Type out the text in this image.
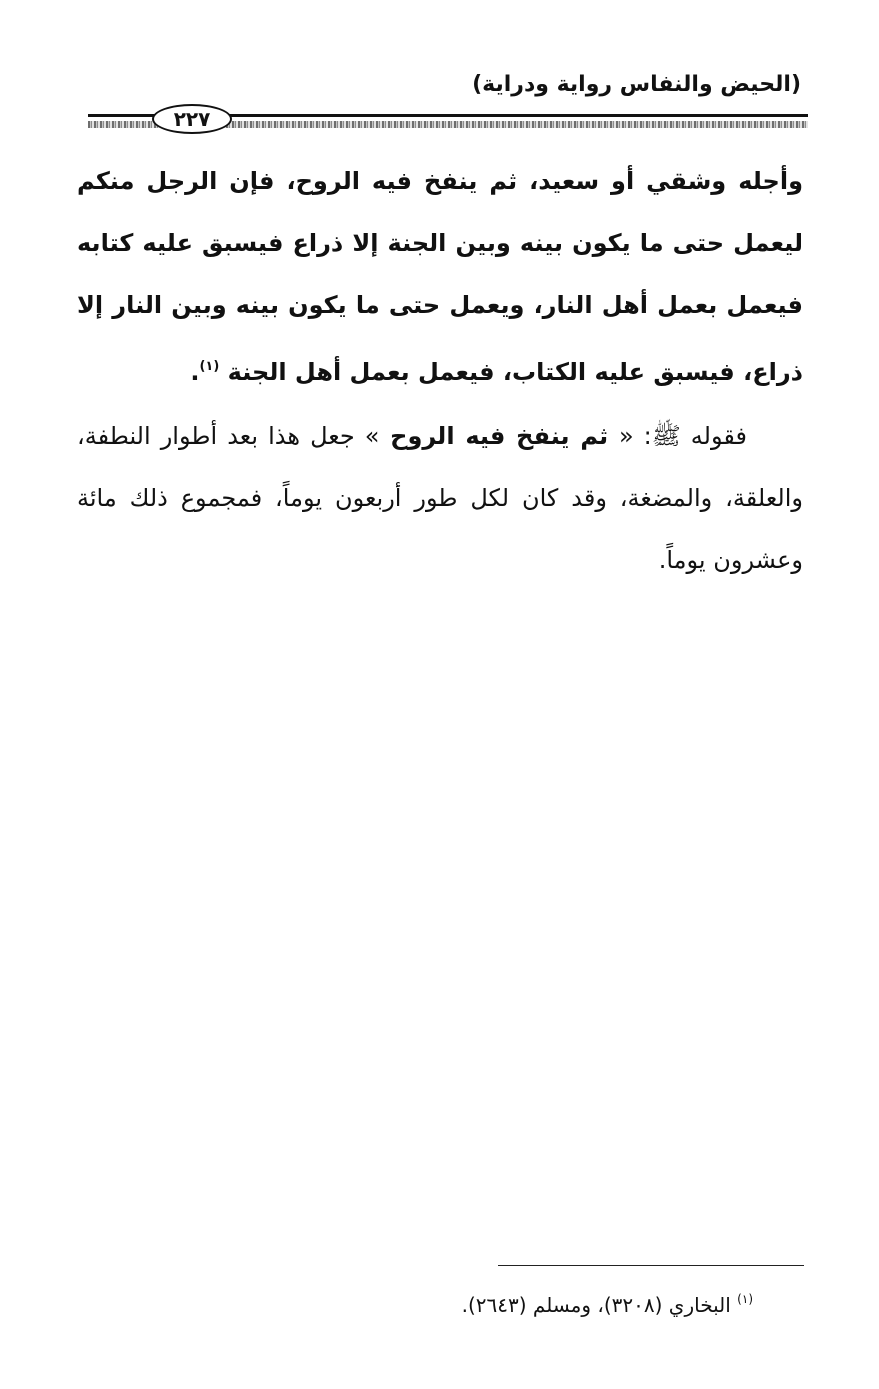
(الحيض والنفاس رواية ودراية)
٢٢٧

وأجله وشقي أو سعيد، ثم ينفخ فيه الروح، فإن الرجل منكم ليعمل حتى ما يكون بينه وبين الجنة إلا ذراع فيسبق عليه كتابه فيعمل بعمل أهل النار، ويعمل حتى ما يكون بينه وبين النار إلا ذراع، فيسبق عليه الكتاب، فيعمل بعمل أهل الجنة $^{(١)}$.

فقوله ﷺ: « ثم ينفخ فيه الروح » جعل هذا بعد أطوار النطفة، والعلقة، والمضغة، وقد كان لكل طور أربعون يوماً، فمجموع ذلك مائة وعشرون يوماً.

$^{(١)}$ البخاري (٣٢٠٨)، ومسلم (٢٦٤٣).
